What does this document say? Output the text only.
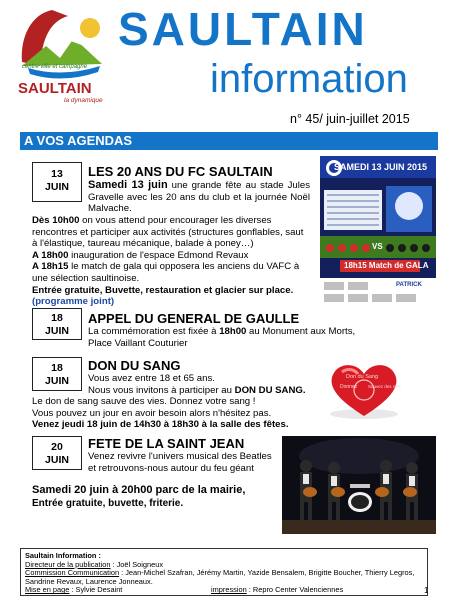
centre ville et campagne
SAULTAIN
la dynamique
SAULTAIN
information
n° 45/ juin-juillet 2015
A VOS AGENDAS
13
JUIN
LES 20 ANS DU FC SAULTAIN

Samedi 13 juin une grande fête au stade Jules Gravelle avec les 20 ans du club et la journée Noël Malvache.

Dès 10h00 on vous attend pour encourager les diverses rencontres et participer aux activités (structures gonflables, saut à l'élastique, taureau mécanique, balade à poney…)

A 18h00 inauguration de l'espace Edmond Revaux

A 18h15 le match de gala qui opposera les anciens du VAFC à une sélection saultinoise.

Entrée gratuite, Buvette, restauration et glacier sur place.

(programme joint)

SAMEDI 13 JUIN 2015
VS
18h15 Match de GALA
PATRICK
18
JUIN
APPEL DU GENERAL DE GAULLE

La commémoration est fixée à 18h00 au Monument aux Morts,

Place Vaillant Couturier

18
JUIN
DON DU SANG

Vous avez entre 18 et 65 ans.

Nous vous invitons à participer au DON DU SANG.

Le don de sang sauve des vies. Donnez votre sang !

Vous pouvez un jour en avoir besoin alors n'hésitez pas.

Venez jeudi 18 juin de 14h30 à 18h30 à la salle des fêtes.

Don du Sang
Donnez Sauvez des vies
20
JUIN
FETE DE LA SAINT JEAN

Venez revivre l'univers musical des Beatles

et retrouvons-nous autour du feu géant

Samedi 20 juin à 20h00 parc de la mairie,
Entrée gratuite, buvette, friterie.
Saultain Information :
Directeur de la publication : Joël Soigneux
Commission Communication : Jean-Michel Szafran, Jérémy Martin, Yazide Bensalem, Brigitte Boucher, Thierry Legros, Sandrine Revaux, Laurence Jonneaux.
Mise en page : Sylvie Desaint	impression : Repro Center Valenciennes	1
